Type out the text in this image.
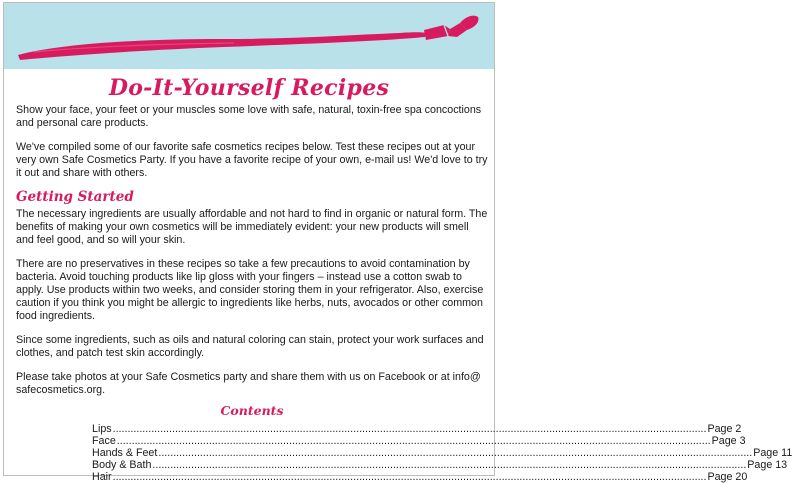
Do-It-Yourself Recipes

Show your face, your feet or your muscles some love with safe, natural, toxin-free spa concoctions and personal care products.

We've compiled some of our favorite safe cosmetics recipes below. Test these recipes out at your very own Safe Cosmetics Party. If you have a favorite recipe of your own, e-mail us! We'd love to try it out and share with others.

Getting Started

The necessary ingredients are usually affordable and not hard to find in organic or natural form. The benefits of making your own cosmetics will be immediately evident: your new products will smell and feel good, and so will your skin.

There are no preservatives in these recipes so take a few precautions to avoid contamination by bacteria. Avoid touching products like lip gloss with your fingers – instead use a cotton swab to apply. Use products within two weeks, and consider storing them in your refrigerator. Also, exercise caution if you think you might be allergic to ingredients like herbs, nuts, avocados or other common food ingredients.

Since some ingredients, such as oils and natural coloring can stain, protect your work surfaces and clothes, and patch test skin accordingly.

Please take photos at your Safe Cosmetics party and share them with us on Facebook or at info@ safecosmetics.org.

Contents
Lips .....	Page 2
Face .....	Page 3
Hands & Feet .....	Page 11
Body & Bath .....	Page 13
Hair .....	Page 20
